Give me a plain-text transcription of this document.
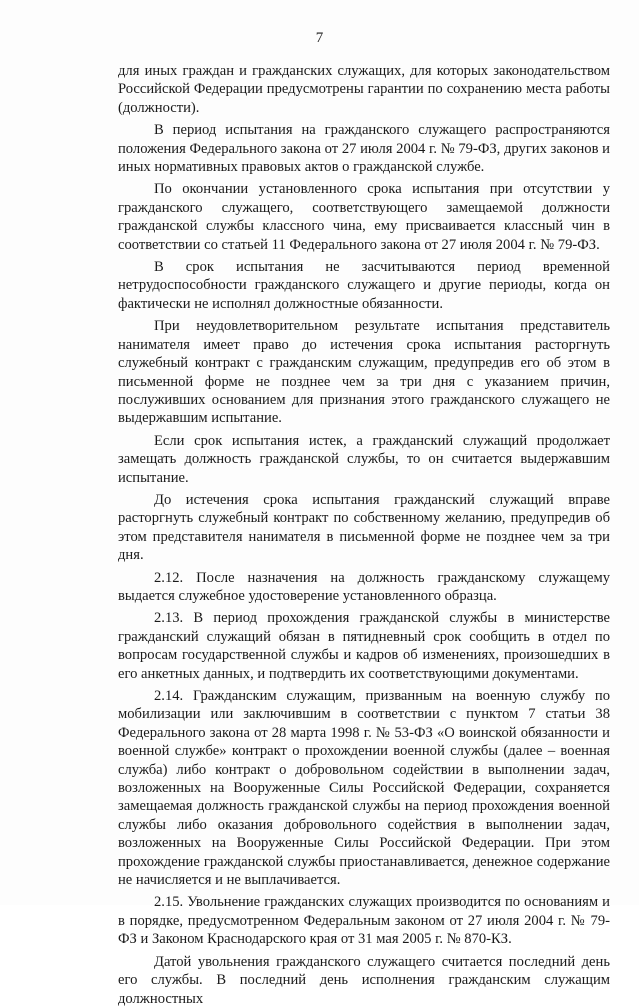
7

для иных граждан и гражданских служащих, для которых законодательством Российской Федерации предусмотрены гарантии по сохранению места работы (должности).

В период испытания на гражданского служащего распространяются положения Федерального закона от 27 июля 2004 г. № 79-ФЗ, других законов и иных нормативных правовых актов о гражданской службе.

По окончании установленного срока испытания при отсутствии у гражданского служащего, соответствующего замещаемой должности гражданской службы классного чина, ему присваивается классный чин в соответствии со статьей 11 Федерального закона от 27 июля 2004 г. № 79-ФЗ.

В срок испытания не засчитываются период временной нетрудоспособности гражданского служащего и другие периоды, когда он фактически не исполнял должностные обязанности.

При неудовлетворительном результате испытания представитель нанимателя имеет право до истечения срока испытания расторгнуть служебный контракт с гражданским служащим, предупредив его об этом в письменной форме не позднее чем за три дня с указанием причин, послуживших основанием для признания этого гражданского служащего не выдержавшим испытание.

Если срок испытания истек, а гражданский служащий продолжает замещать должность гражданской службы, то он считается выдержавшим испытание.

До истечения срока испытания гражданский служащий вправе расторгнуть служебный контракт по собственному желанию, предупредив об этом представителя нанимателя в письменной форме не позднее чем за три дня.

2.12. После назначения на должность гражданскому служащему выдается служебное удостоверение установленного образца.

2.13. В период прохождения гражданской службы в министерстве гражданский служащий обязан в пятидневный срок сообщить в отдел по вопросам государственной службы и кадров об изменениях, произошедших в его анкетных данных, и подтвердить их соответствующими документами.

2.14. Гражданским служащим, призванным на военную службу по мобилизации или заключившим в соответствии с пунктом 7 статьи 38 Федерального закона от 28 марта 1998 г. № 53-ФЗ «О воинской обязанности и военной службе» контракт о прохождении военной службы (далее – военная служба) либо контракт о добровольном содействии в выполнении задач, возложенных на Вооруженные Силы Российской Федерации, сохраняется замещаемая должность гражданской службы на период прохождения военной службы либо оказания добровольного содействия в выполнении задач, возложенных на Вооруженные Силы Российской Федерации. При этом прохождение гражданской службы приостанавливается, денежное содержание не начисляется и не выплачивается.

2.15. Увольнение гражданских служащих производится по основаниям и в порядке, предусмотренном Федеральным законом от 27 июля 2004 г. № 79-ФЗ и Законом Краснодарского края от 31 мая 2005 г. № 870-КЗ.

Датой увольнения гражданского служащего считается последний день его службы. В последний день исполнения гражданским служащим должностных
